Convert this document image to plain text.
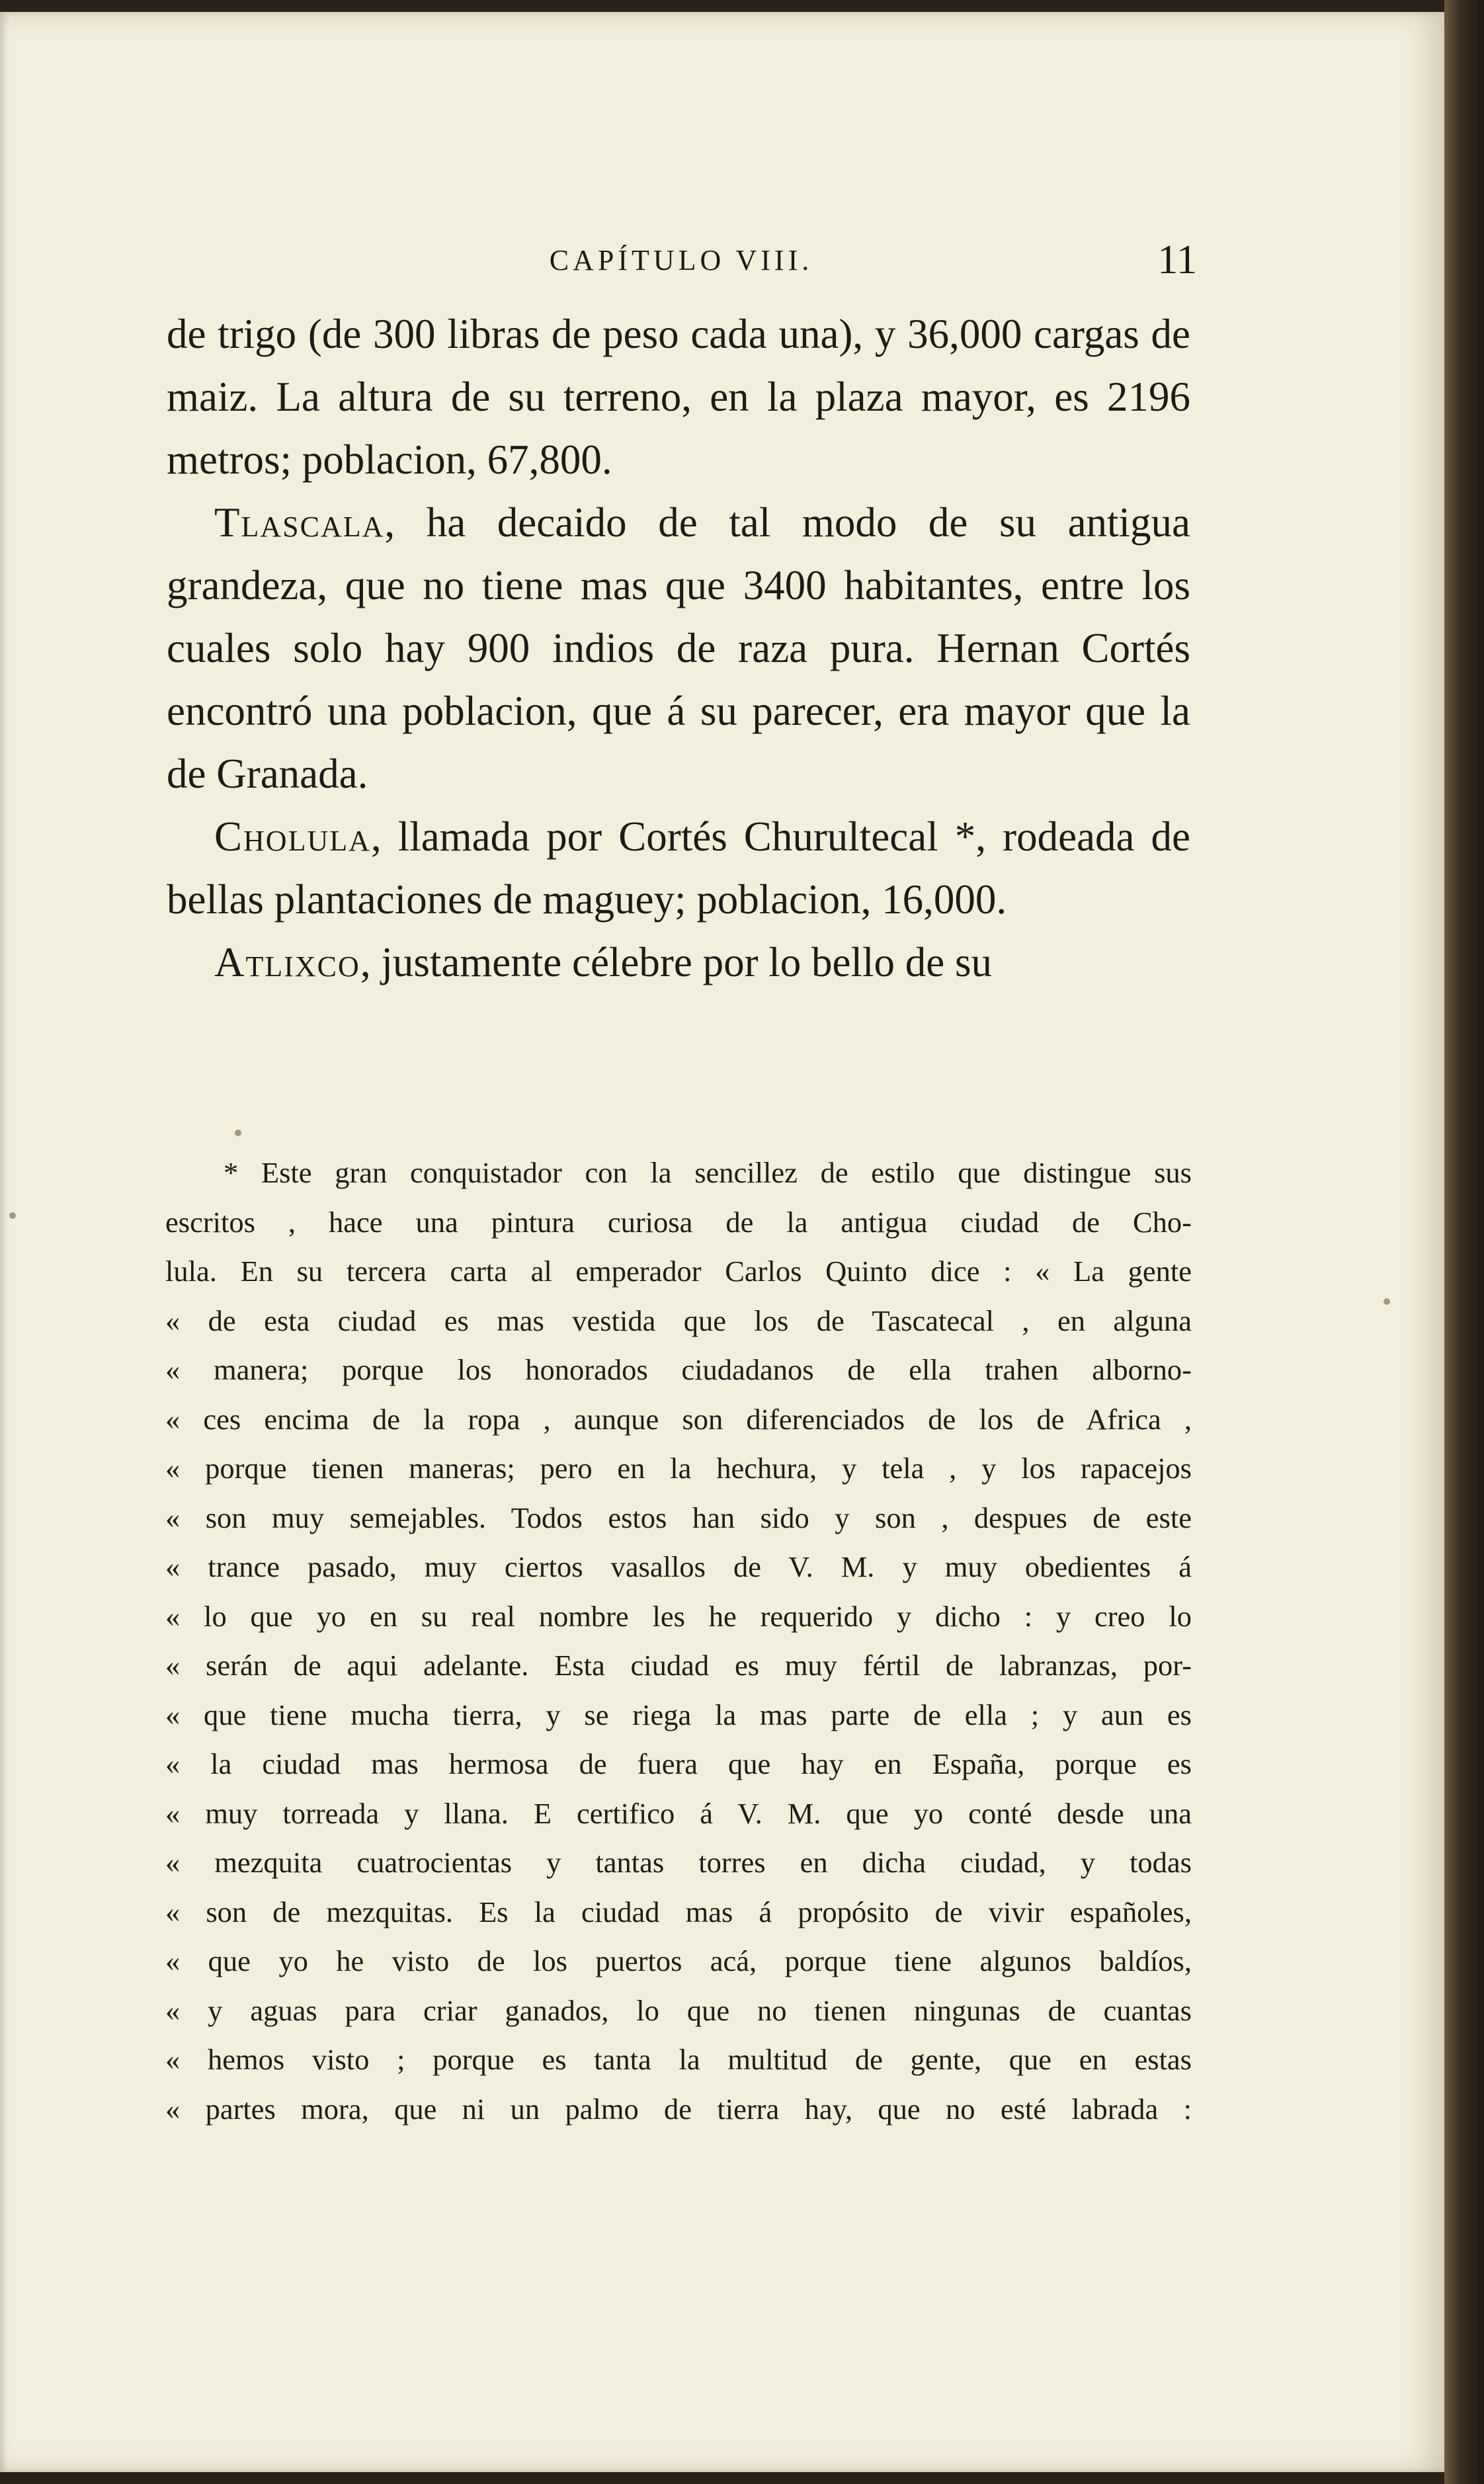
CAPÍTULO VIII.	11

de trigo (de 300 libras de peso cada una), y 36,000 cargas de maiz. La altura de su terreno, en la plaza mayor, es 2196 metros; poblacion, 67,800.

Tlascala, ha decaido de tal modo de su antigua grandeza, que no tiene mas que 3400 habitantes, entre los cuales solo hay 900 indios de raza pura. Hernan Cortés encontró una poblacion, que á su parecer, era mayor que la de Granada.

Cholula, llamada por Cortés Churultecal *, rodeada de bellas plantaciones de maguey; poblacion, 16,000.

Atlixco, justamente célebre por lo bello de su

* Este gran conquistador con la sencillez de estilo que distingue sus
escritos , hace una pintura curiosa de la antigua ciudad de Cho-
lula. En su tercera carta al emperador Carlos Quinto dice : « La gente
« de esta ciudad es mas vestida que los de Tascatecal , en alguna
« manera; porque los honorados ciudadanos de ella trahen alborno-
« ces encima de la ropa , aunque son diferenciados de los de Africa ,
« porque tienen maneras; pero en la hechura, y tela , y los rapacejos
« son muy semejables. Todos estos han sido y son , despues de este
« trance pasado, muy ciertos vasallos de V. M. y muy obedientes á
« lo que yo en su real nombre les he requerido y dicho : y creo lo
« serán de aqui adelante. Esta ciudad es muy fértil de labranzas, por-
« que tiene mucha tierra, y se riega la mas parte de ella ; y aun es
« la ciudad mas hermosa de fuera que hay en España, porque es
« muy torreada y llana. E certifico á V. M. que yo conté desde una
« mezquita cuatrocientas y tantas torres en dicha ciudad, y todas
« son de mezquitas. Es la ciudad mas á propósito de vivir españoles,
« que yo he visto de los puertos acá, porque tiene algunos baldíos,
« y aguas para criar ganados, lo que no tienen ningunas de cuantas
« hemos visto ; porque es tanta la multitud de gente, que en estas
« partes mora, que ni un palmo de tierra hay, que no esté labrada :
